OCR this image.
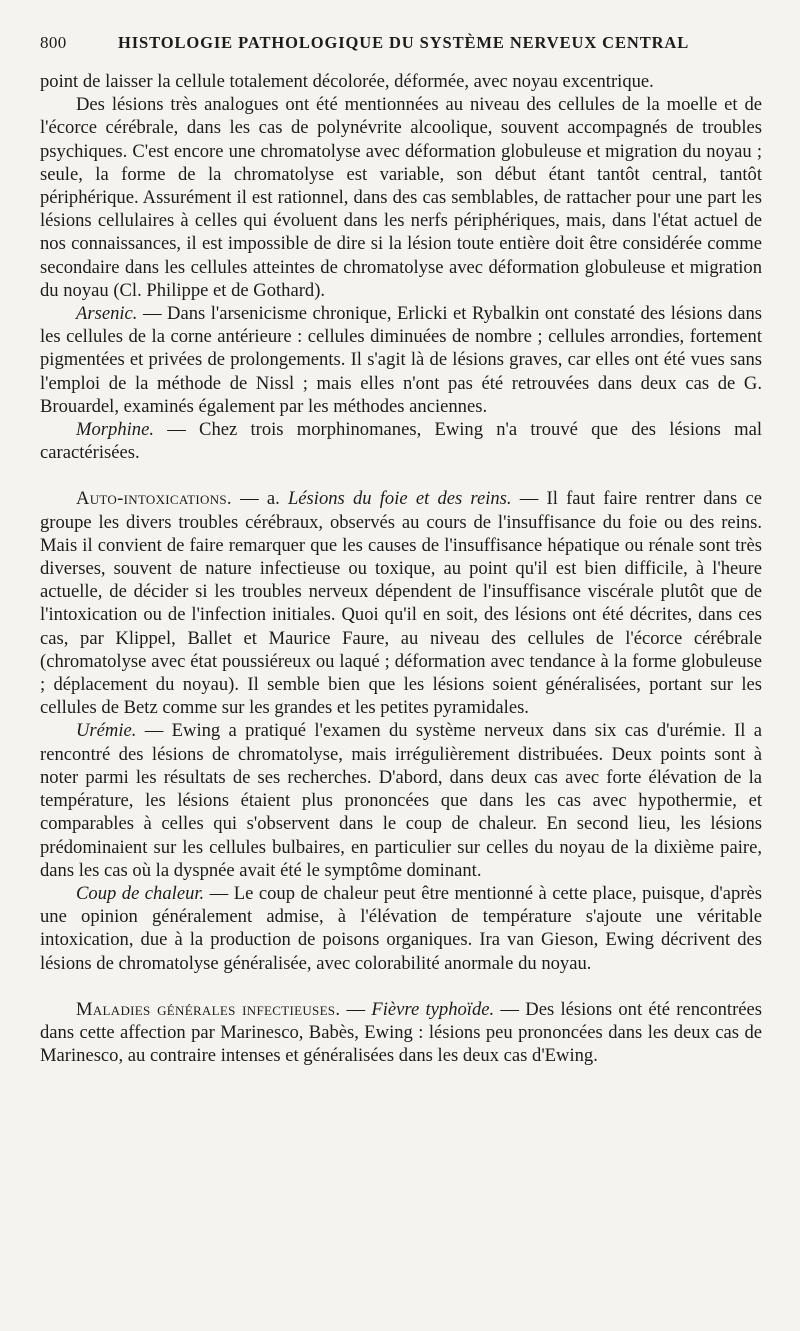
800	HISTOLOGIE PATHOLOGIQUE DU SYSTÈME NERVEUX CENTRAL

point de laisser la cellule totalement décolorée, déformée, avec noyau excentrique.

Des lésions très analogues ont été mentionnées au niveau des cellules de la moelle et de l'écorce cérébrale, dans les cas de polynévrite alcoolique, souvent accompagnés de troubles psychiques. C'est encore une chromatolyse avec déformation globuleuse et migration du noyau ; seule, la forme de la chromatolyse est variable, son début étant tantôt central, tantôt périphérique. Assurément il est rationnel, dans des cas semblables, de rattacher pour une part les lésions cellulaires à celles qui évoluent dans les nerfs périphériques, mais, dans l'état actuel de nos connaissances, il est impossible de dire si la lésion toute entière doit être considérée comme secondaire dans les cellules atteintes de chromatolyse avec déformation globuleuse et migration du noyau (Cl. Philippe et de Gothard).

Arsenic. — Dans l'arsenicisme chronique, Erlicki et Rybalkin ont constaté des lésions dans les cellules de la corne antérieure : cellules diminuées de nombre ; cellules arrondies, fortement pigmentées et privées de prolongements. Il s'agit là de lésions graves, car elles ont été vues sans l'emploi de la méthode de Nissl ; mais elles n'ont pas été retrouvées dans deux cas de G. Brouardel, examinés également par les méthodes anciennes.

Morphine. — Chez trois morphinomanes, Ewing n'a trouvé que des lésions mal caractérisées.

Auto-intoxications. — a. Lésions du foie et des reins. — Il faut faire rentrer dans ce groupe les divers troubles cérébraux, observés au cours de l'insuffisance du foie ou des reins. Mais il convient de faire remarquer que les causes de l'insuffisance hépatique ou rénale sont très diverses, souvent de nature infectieuse ou toxique, au point qu'il est bien difficile, à l'heure actuelle, de décider si les troubles nerveux dépendent de l'insuffisance viscérale plutôt que de l'intoxication ou de l'infection initiales. Quoi qu'il en soit, des lésions ont été décrites, dans ces cas, par Klippel, Ballet et Maurice Faure, au niveau des cellules de l'écorce cérébrale (chromatolyse avec état poussiéreux ou laqué ; déformation avec tendance à la forme globuleuse ; déplacement du noyau). Il semble bien que les lésions soient généralisées, portant sur les cellules de Betz comme sur les grandes et les petites pyramidales.

Urémie. — Ewing a pratiqué l'examen du système nerveux dans six cas d'urémie. Il a rencontré des lésions de chromatolyse, mais irrégulièrement distribuées. Deux points sont à noter parmi les résultats de ses recherches. D'abord, dans deux cas avec forte élévation de la température, les lésions étaient plus prononcées que dans les cas avec hypothermie, et comparables à celles qui s'observent dans le coup de chaleur. En second lieu, les lésions prédominaient sur les cellules bulbaires, en particulier sur celles du noyau de la dixième paire, dans les cas où la dyspnée avait été le symptôme dominant.

Coup de chaleur. — Le coup de chaleur peut être mentionné à cette place, puisque, d'après une opinion généralement admise, à l'élévation de température s'ajoute une véritable intoxication, due à la production de poisons organiques. Ira van Gieson, Ewing décrivent des lésions de chromatolyse généralisée, avec colorabilité anormale du noyau.

Maladies générales infectieuses. — Fièvre typhoïde. — Des lésions ont été rencontrées dans cette affection par Marinesco, Babès, Ewing : lésions peu prononcées dans les deux cas de Marinesco, au contraire intenses et généralisées dans les deux cas d'Ewing.
